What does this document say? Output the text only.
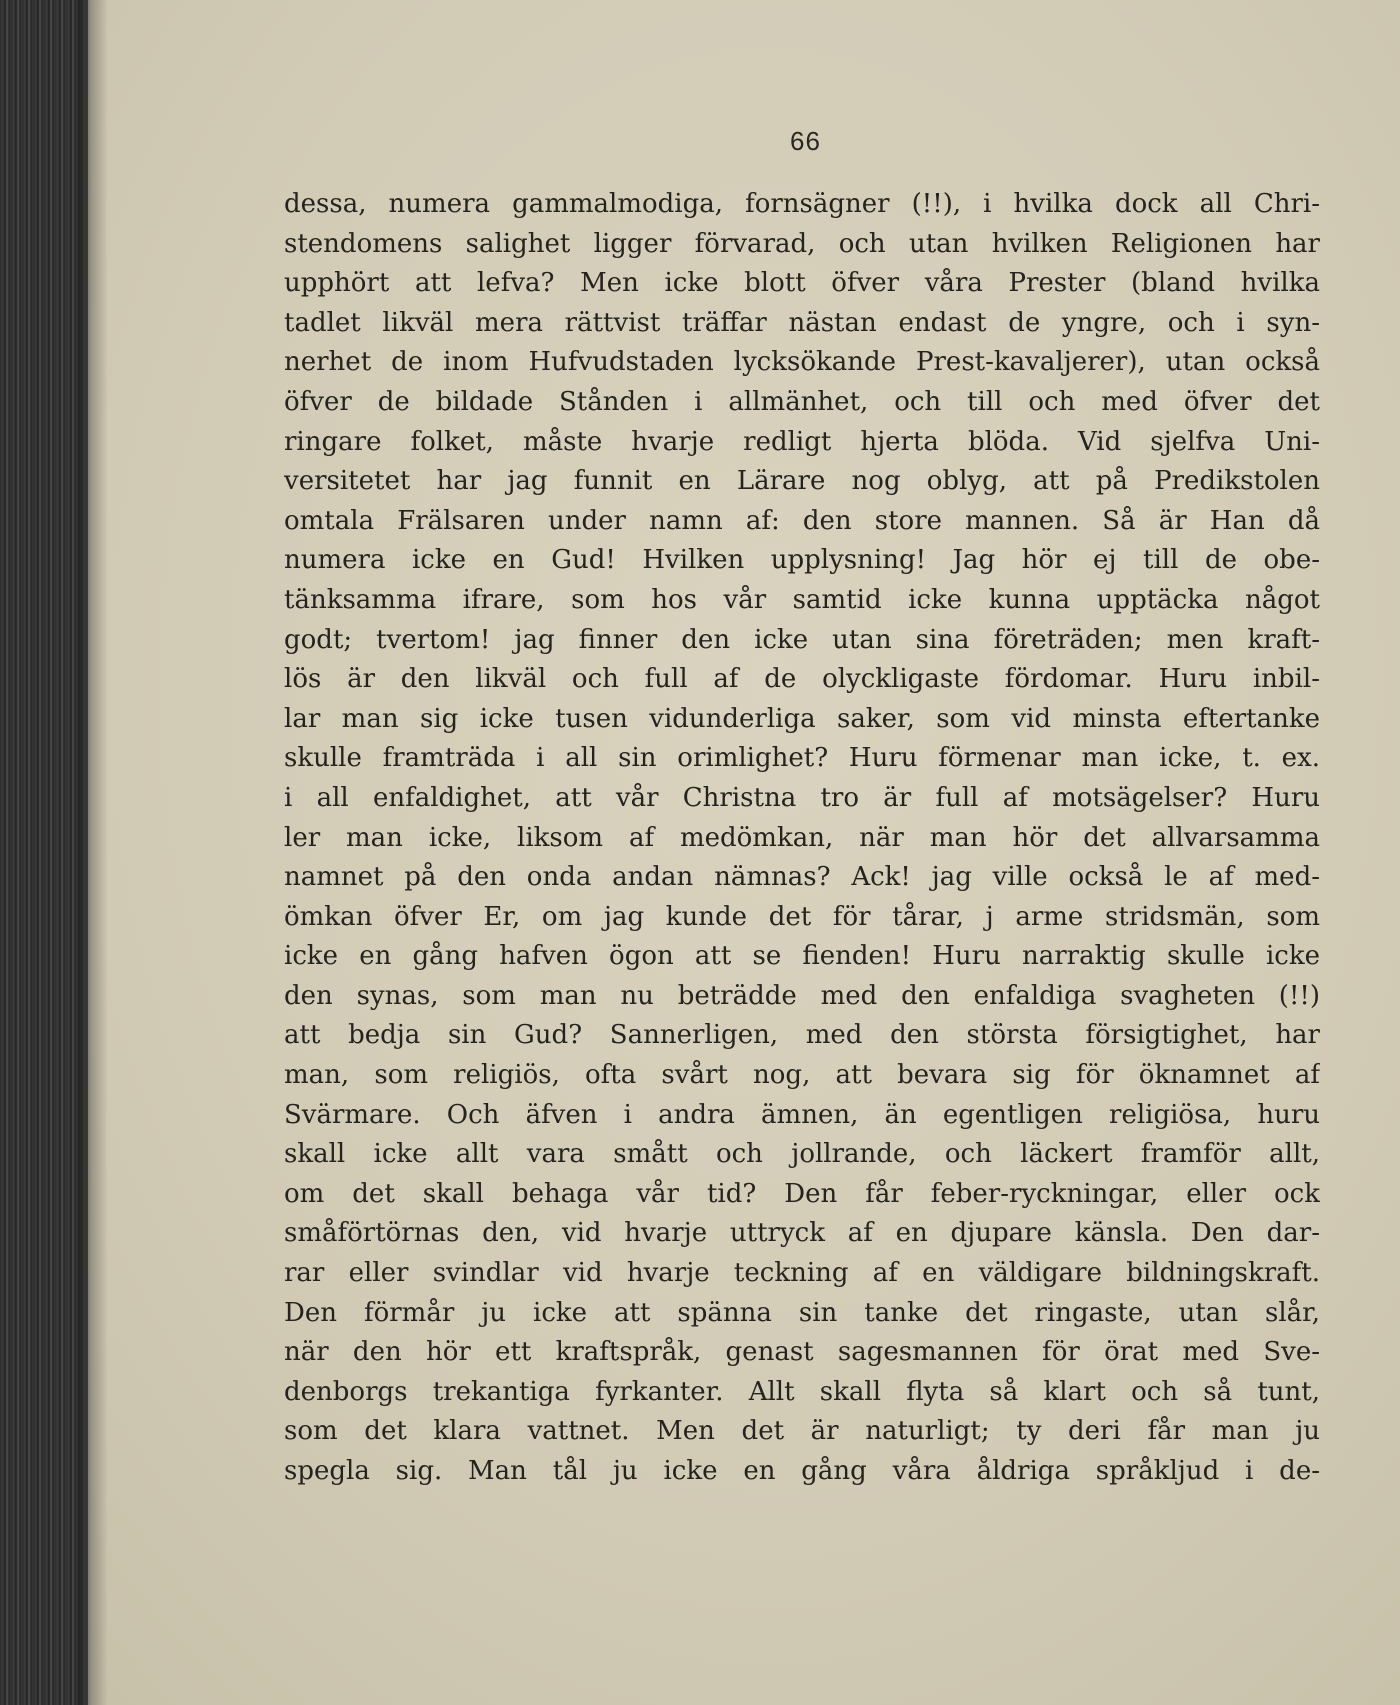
66
dessa, numera gammalmodiga, fornsägner (!!), i hvilka dock all Chri-
stendomens salighet ligger förvarad, och utan hvilken Religionen har
upphört att lefva? Men icke blott öfver våra Prester (bland hvilka
tadlet likväl mera rättvist träffar nästan endast de yngre, och i syn-
nerhet de inom Hufvudstaden lycksökande Prest-kavaljerer), utan också
öfver de bildade Stånden i allmänhet, och till och med öfver det
ringare folket, måste hvarje redligt hjerta blöda. Vid sjelfva Uni-
versitetet har jag funnit en Lärare nog oblyg, att på Predikstolen
omtala Frälsaren under namn af: den store mannen. Så är Han då
numera icke en Gud! Hvilken upplysning! Jag hör ej till de obe-
tänksamma ifrare, som hos vår samtid icke kunna upptäcka något
godt; tvertom! jag finner den icke utan sina företräden; men kraft-
lös är den likväl och full af de olyckligaste fördomar. Huru inbil-
lar man sig icke tusen vidunderliga saker, som vid minsta eftertanke
skulle framträda i all sin orimlighet? Huru förmenar man icke, t. ex.
i all enfaldighet, att vår Christna tro är full af motsägelser? Huru
ler man icke, liksom af medömkan, när man hör det allvarsamma
namnet på den onda andan nämnas? Ack! jag ville också le af med-
ömkan öfver Er, om jag kunde det för tårar, j arme stridsmän, som
icke en gång hafven ögon att se fienden! Huru narraktig skulle icke
den synas, som man nu beträdde med den enfaldiga svagheten (!!)
att bedja sin Gud? Sannerligen, med den största försigtighet, har
man, som religiös, ofta svårt nog, att bevara sig för öknamnet af
Svärmare. Och äfven i andra ämnen, än egentligen religiösa, huru
skall icke allt vara smått och jollrande, och läckert framför allt,
om det skall behaga vår tid? Den får feber-ryckningar, eller ock
småförtörnas den, vid hvarje uttryck af en djupare känsla. Den dar-
rar eller svindlar vid hvarje teckning af en väldigare bildningskraft.
Den förmår ju icke att spänna sin tanke det ringaste, utan slår,
när den hör ett kraftspråk, genast sagesmannen för örat med Sve-
denborgs trekantiga fyrkanter. Allt skall flyta så klart och så tunt,
som det klara vattnet. Men det är naturligt; ty deri får man ju
spegla sig. Man tål ju icke en gång våra åldriga språkljud i de-
